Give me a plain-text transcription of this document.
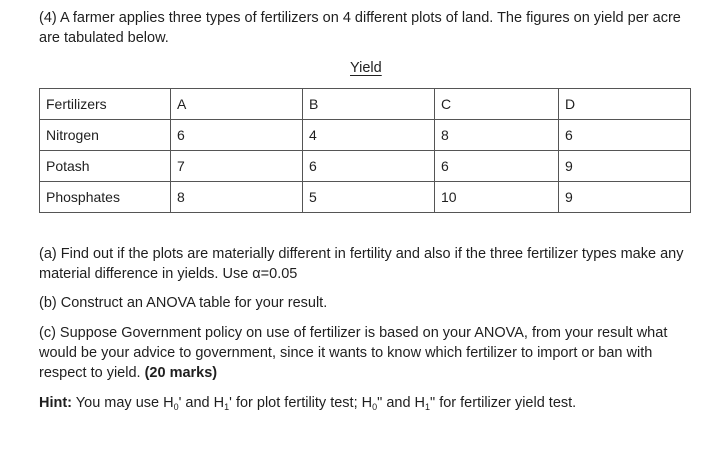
(4) A farmer applies three types of fertilizers on 4 different plots of land. The figures on yield per acre are tabulated below.
Yield
Fertilizers	A	B	C	D
Nitrogen	6	4	8	6
Potash	7	6	6	9
Phosphates	8	5	10	9
(a) Find out if the plots are materially different in fertility and also if the three fertilizer types make any material difference in yields. Use α=0.05
(b) Construct an ANOVA table for your result.
(c) Suppose Government policy on use of fertilizer is based on your ANOVA, from your result what would be your advice to government, since it wants to know which fertilizer to import or ban with respect to yield. (20 marks)
Hint: You may use $H_0'$ and $H_1'$ for plot fertility test; $H_0$" and $H_1$" for fertilizer yield test.
